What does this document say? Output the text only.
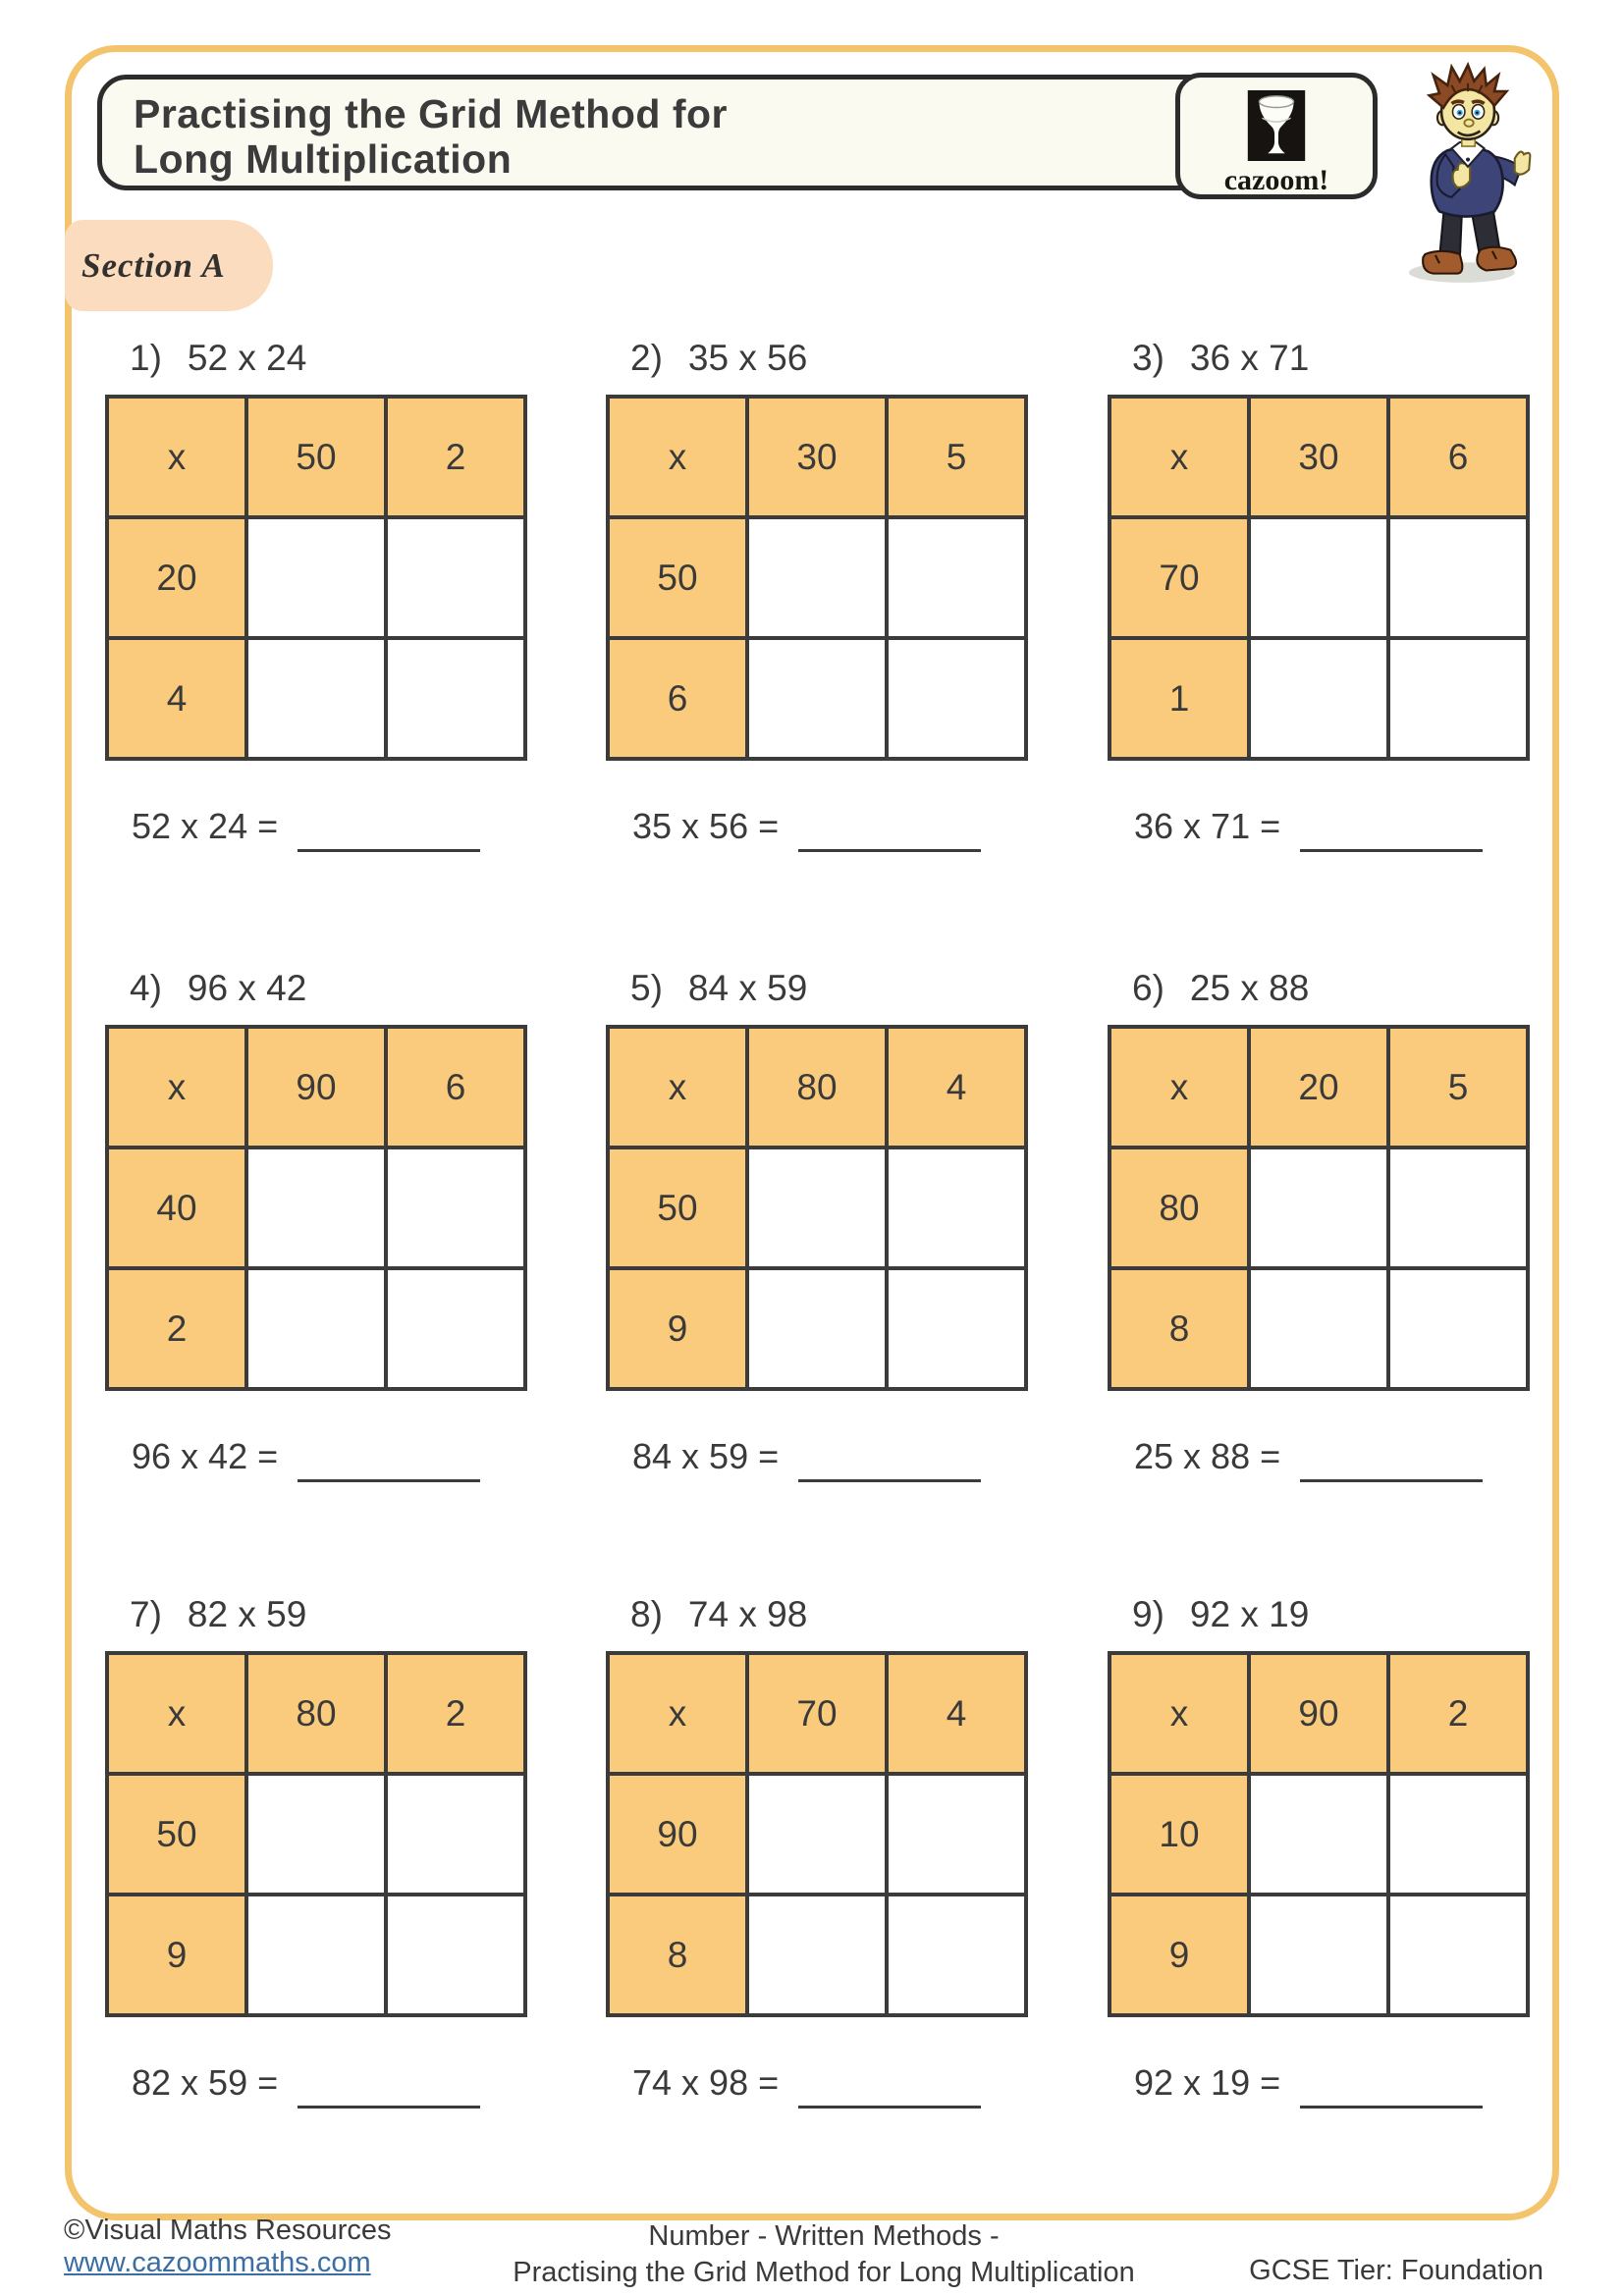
Practising the Grid Method for
Long Multiplication	cazoom!
Section A
1) 52 x 24
x	50	2
20		
4		
52 x 24 =
2) 35 x 56
x	30	5
50		
6		
35 x 56 =
3) 36 x 71
x	30	6
70		
1		
36 x 71 =
4) 96 x 42
x	90	6
40		
2		
96 x 42 =
5) 84 x 59
x	80	4
50		
9		
84 x 59 =
6) 25 x 88
x	20	5
80		
8		
25 x 88 =
7) 82 x 59
x	80	2
50		
9		
82 x 59 =
8) 74 x 98
x	70	4
90		
8		
74 x 98 =
9) 92 x 19
x	90	2
10		
9		
92 x 19 =
©Visual Maths Resources
www.cazoommaths.com
Number - Written Methods -
Practising the Grid Method for Long Multiplication	GCSE Tier: Foundation
